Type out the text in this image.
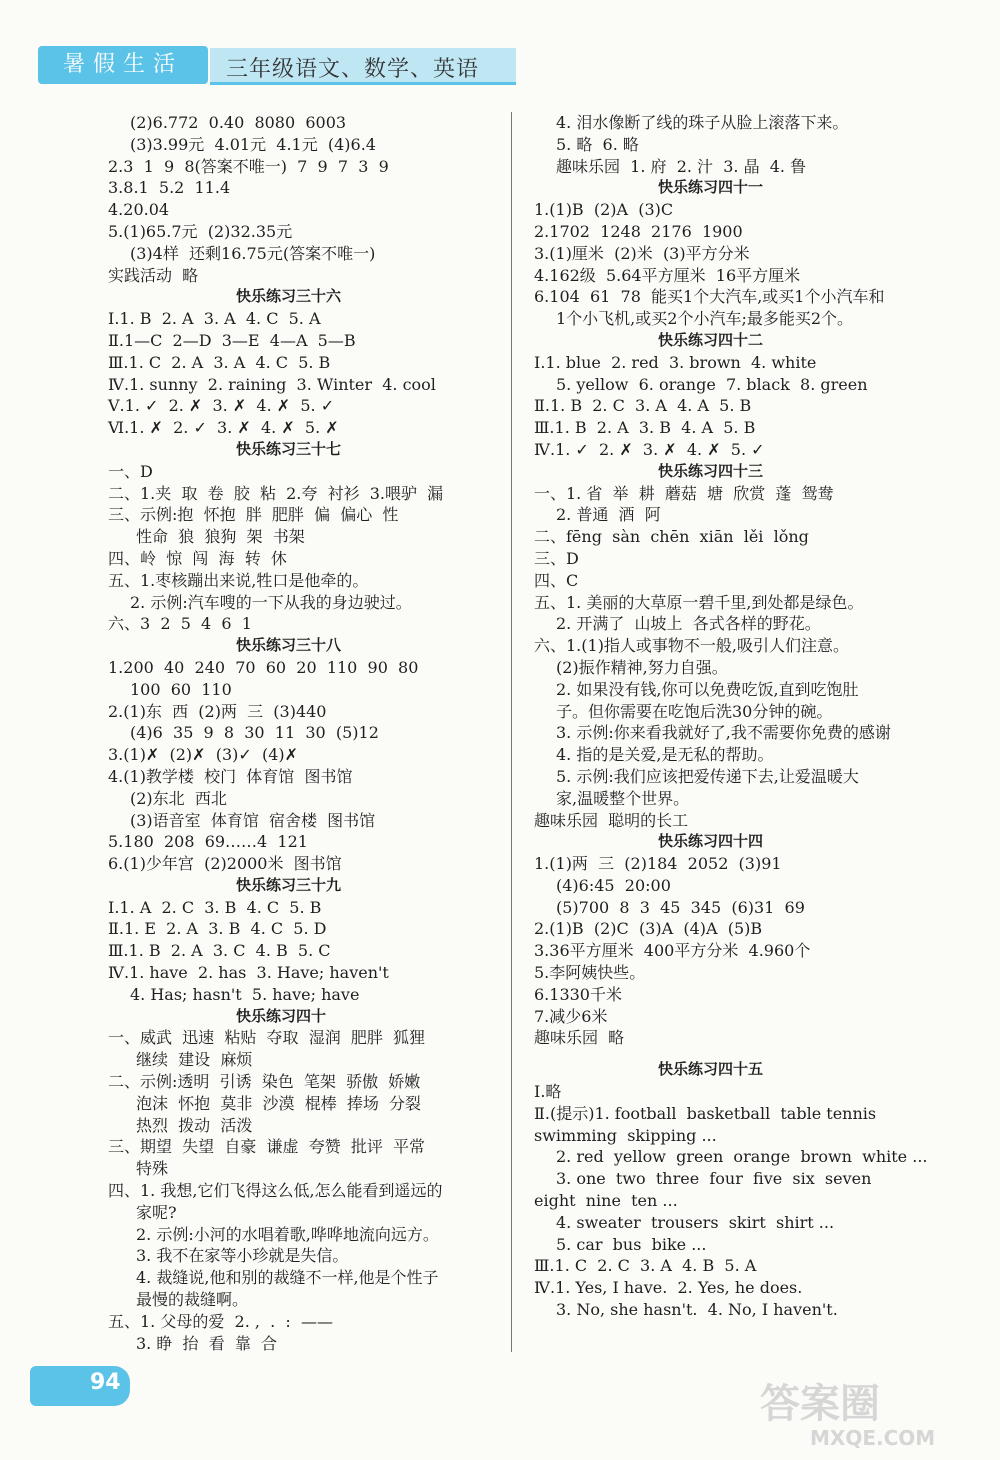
暑假生活	三年级语文、数学、英语
(2)6.772  0.40  8080  6003
(3)3.99元  4.01元  4.1元  (4)6.4
2.3  1  9  8(答案不唯一)  7  9  7  3  9
3.8.1  5.2  11.4
4.20.04
5.(1)65.7元  (2)32.35元
(3)4样  还剩16.75元(答案不唯一)
实践活动  略
快乐练习三十六
Ⅰ.1. B  2. A  3. A  4. C  5. A
Ⅱ.1—C  2—D  3—E  4—A  5—B
Ⅲ.1. C  2. A  3. A  4. C  5. B
Ⅳ.1. sunny  2. raining  3. Winter  4. cool
Ⅴ.1. ✓  2. ✗  3. ✗  4. ✗  5. ✓
Ⅵ.1. ✗  2. ✓  3. ✗  4. ✗  5. ✗
快乐练习三十七
一、D
二、1.夹  取  卷  胶  粘  2.夸  衬衫  3.喂驴  漏
三、示例:抱  怀抱  胖  肥胖  偏  偏心  性
性命  狼  狼狗  架  书架
四、岭  惊  闯  海  转  休
五、1.枣核蹦出来说,牲口是他牵的。
2. 示例:汽车嗖的一下从我的身边驶过。
六、3  2  5  4  6  1
快乐练习三十八
1.200  40  240  70  60  20  110  90  80
100  60  110
2.(1)东  西  (2)两  三  (3)440
(4)6  35  9  8  30  11  30  (5)12
3.(1)✗  (2)✗  (3)✓  (4)✗
4.(1)教学楼  校门  体育馆  图书馆
(2)东北  西北
(3)语音室  体育馆  宿舍楼  图书馆
5.180  208  69……4  121
6.(1)少年宫  (2)2000米  图书馆
快乐练习三十九
Ⅰ.1. A  2. C  3. B  4. C  5. B
Ⅱ.1. E  2. A  3. B  4. C  5. D
Ⅲ.1. B  2. A  3. C  4. B  5. C
Ⅳ.1. have  2. has  3. Have; haven't
4. Has; hasn't  5. have; have
快乐练习四十
一、威武  迅速  粘贴  夺取  湿润  肥胖  狐狸
继续  建设  麻烦
二、示例:透明  引诱  染色  笔架  骄傲  娇嫩
泡沫  怀抱  莫非  沙漠  棍棒  捧场  分裂
热烈  拨动  活泼
三、期望  失望  自豪  谦虚  夸赞  批评  平常
特殊
四、1. 我想,它们飞得这么低,怎么能看到遥远的
家呢?
2. 示例:小河的水唱着歌,哗哗地流向远方。
3. 我不在家等小珍就是失信。
4. 裁缝说,他和别的裁缝不一样,他是个性子
最慢的裁缝啊。
五、1. 父母的爱  2. ,  .  :  ——
3. 睁  抬  看  靠  合
4. 泪水像断了线的珠子从脸上滚落下来。
5. 略  6. 略
趣味乐园  1. 府  2. 汁  3. 晶  4. 鲁
快乐练习四十一
1.(1)B  (2)A  (3)C
2.1702  1248  2176  1900
3.(1)厘米  (2)米  (3)平方分米
4.162级  5.64平方厘米  16平方厘米
6.104  61  78  能买1个大汽车,或买1个小汽车和
1个小飞机,或买2个小汽车;最多能买2个。
快乐练习四十二
Ⅰ.1. blue  2. red  3. brown  4. white
5. yellow  6. orange  7. black  8. green
Ⅱ.1. B  2. C  3. A  4. A  5. B
Ⅲ.1. B  2. A  3. B  4. A  5. B
Ⅳ.1. ✓  2. ✗  3. ✗  4. ✗  5. ✓
快乐练习四十三
一、1. 省  举  耕  蘑菇  塘  欣赏  蓬  鸳鸯
2. 普通  酒  阿
二、fēng  sàn  chēn  xiān  lěi  lǒng
三、D
四、C
五、1. 美丽的大草原一碧千里,到处都是绿色。
2. 开满了  山坡上  各式各样的野花。
六、1.(1)指人或事物不一般,吸引人们注意。
(2)振作精神,努力自强。
2. 如果没有钱,你可以免费吃饭,直到吃饱肚
子。但你需要在吃饱后洗30分钟的碗。
3. 示例:你来看我就好了,我不需要你免费的感谢
4. 指的是关爱,是无私的帮助。
5. 示例:我们应该把爱传递下去,让爱温暖大
家,温暖整个世界。
趣味乐园  聪明的长工
快乐练习四十四
1.(1)两  三  (2)184  2052  (3)91
(4)6:45  20:00
(5)700  8  3  45  345  (6)31  69
2.(1)B  (2)C  (3)A  (4)A  (5)B
3.36平方厘米  400平方分米  4.960个
5.李阿姨快些。
6.1330千米
7.减少6米
趣味乐园  略
快乐练习四十五
Ⅰ.略
Ⅱ.(提示)1. football  basketball  table tennis
swimming  skipping ...
2. red  yellow  green  orange  brown  white ...
3. one  two  three  four  five  six  seven
eight  nine  ten ...
4. sweater  trousers  skirt  shirt ...
5. car  bus  bike ...
Ⅲ.1. C  2. C  3. A  4. B  5. A
Ⅳ.1. Yes, I have.  2. Yes, he does.
3. No, she hasn't.  4. No, I haven't.
94	答案圈
MXQE.COM
